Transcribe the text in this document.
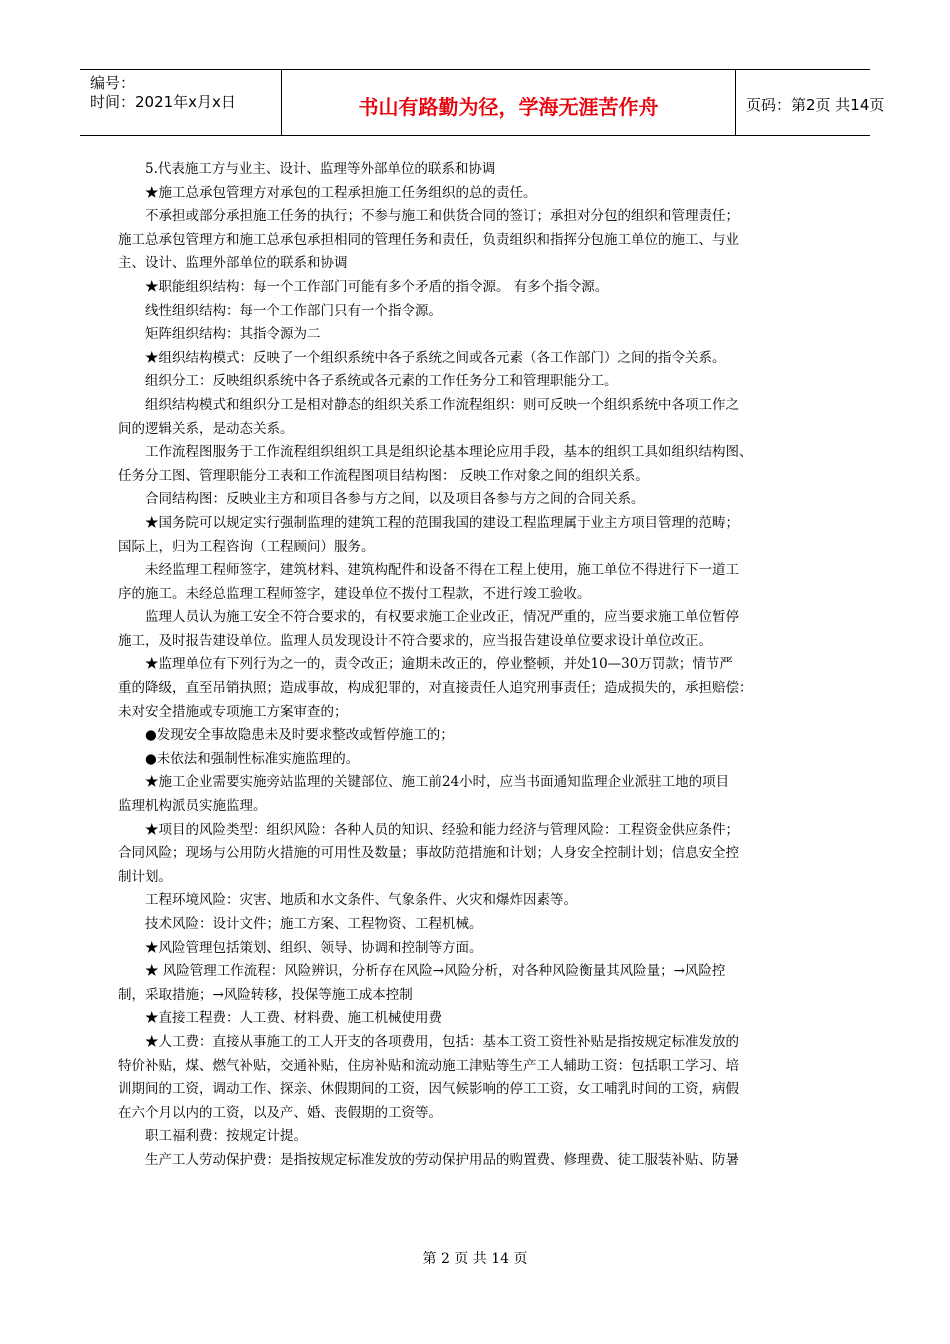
编号：
时间：2021年x月x日	书山有路勤为径，学海无涯苦作舟	页码：第2页 共14页

5.代表施工方与业主、设计、监理等外部单位的联系和协调

★施工总承包管理方对承包的工程承担施工任务组织的总的责任。

不承担或部分承担施工任务的执行；不参与施工和供货合同的签订；承担对分包的组织和管理责任；

施工总承包管理方和施工总承包承担相同的管理任务和责任，负责组织和指挥分包施工单位的施工、与业

主、设计、监理外部单位的联系和协调

★职能组织结构：每一个工作部门可能有多个矛盾的指令源。 有多个指令源。

线性组织结构：每一个工作部门只有一个指令源。

矩阵组织结构：其指令源为二

★组织结构模式：反映了一个组织系统中各子系统之间或各元素（各工作部门）之间的指令关系。

组织分工：反映组织系统中各子系统或各元素的工作任务分工和管理职能分工。

组织结构模式和组织分工是相对静态的组织关系工作流程组织：则可反映一个组织系统中各项工作之

间的逻辑关系，是动态关系。

工作流程图服务于工作流程组织组织工具是组织论基本理论应用手段，基本的组织工具如组织结构图、

任务分工图、管理职能分工表和工作流程图项目结构图： 反映工作对象之间的组织关系。

合同结构图：反映业主方和项目各参与方之间，以及项目各参与方之间的合同关系。

★国务院可以规定实行强制监理的建筑工程的范围我国的建设工程监理属于业主方项目管理的范畴；

国际上，归为工程咨询（工程顾问）服务。

未经监理工程师签字，建筑材料、建筑构配件和设备不得在工程上使用，施工单位不得进行下一道工

序的施工。未经总监理工程师签字，建设单位不拨付工程款，不进行竣工验收。

监理人员认为施工安全不符合要求的，有权要求施工企业改正，情况严重的，应当要求施工单位暂停

施工，及时报告建设单位。监理人员发现设计不符合要求的，应当报告建设单位要求设计单位改正。

★监理单位有下列行为之一的，责令改正；逾期未改正的，停业整顿，并处10—30万罚款；情节严

重的降级，直至吊销执照；造成事故，构成犯罪的，对直接责任人追究刑事责任；造成损失的，承担赔偿：

未对安全措施或专项施工方案审查的；

●发现安全事故隐患未及时要求整改或暂停施工的；

●未依法和强制性标准实施监理的。

★施工企业需要实施旁站监理的关键部位、施工前24小时，应当书面通知监理企业派驻工地的项目

监理机构派员实施监理。

★项目的风险类型：组织风险：各种人员的知识、经验和能力经济与管理风险：工程资金供应条件；

合同风险；现场与公用防火措施的可用性及数量；事故防范措施和计划；人身安全控制计划；信息安全控

制计划。

工程环境风险：灾害、地质和水文条件、气象条件、火灾和爆炸因素等。

技术风险：设计文件；施工方案、工程物资、工程机械。

★风险管理包括策划、组织、领导、协调和控制等方面。

★ 风险管理工作流程：风险辨识，分析存在风险→风险分析，对各种风险衡量其风险量；→风险控

制，采取措施；→风险转移，投保等施工成本控制

★直接工程费：人工费、材料费、施工机械使用费

★人工费：直接从事施工的工人开支的各项费用，包括：基本工资工资性补贴是指按规定标准发放的

特价补贴，煤、燃气补贴，交通补贴，住房补贴和流动施工津贴等生产工人辅助工资：包括职工学习、培

训期间的工资，调动工作、探亲、休假期间的工资，因气候影响的停工工资，女工哺乳时间的工资，病假

在六个月以内的工资，以及产、婚、丧假期的工资等。

职工福利费：按规定计提。

生产工人劳动保护费：是指按规定标准发放的劳动保护用品的购置费、修理费、徒工服装补贴、防暑

第 2 页 共 14 页
